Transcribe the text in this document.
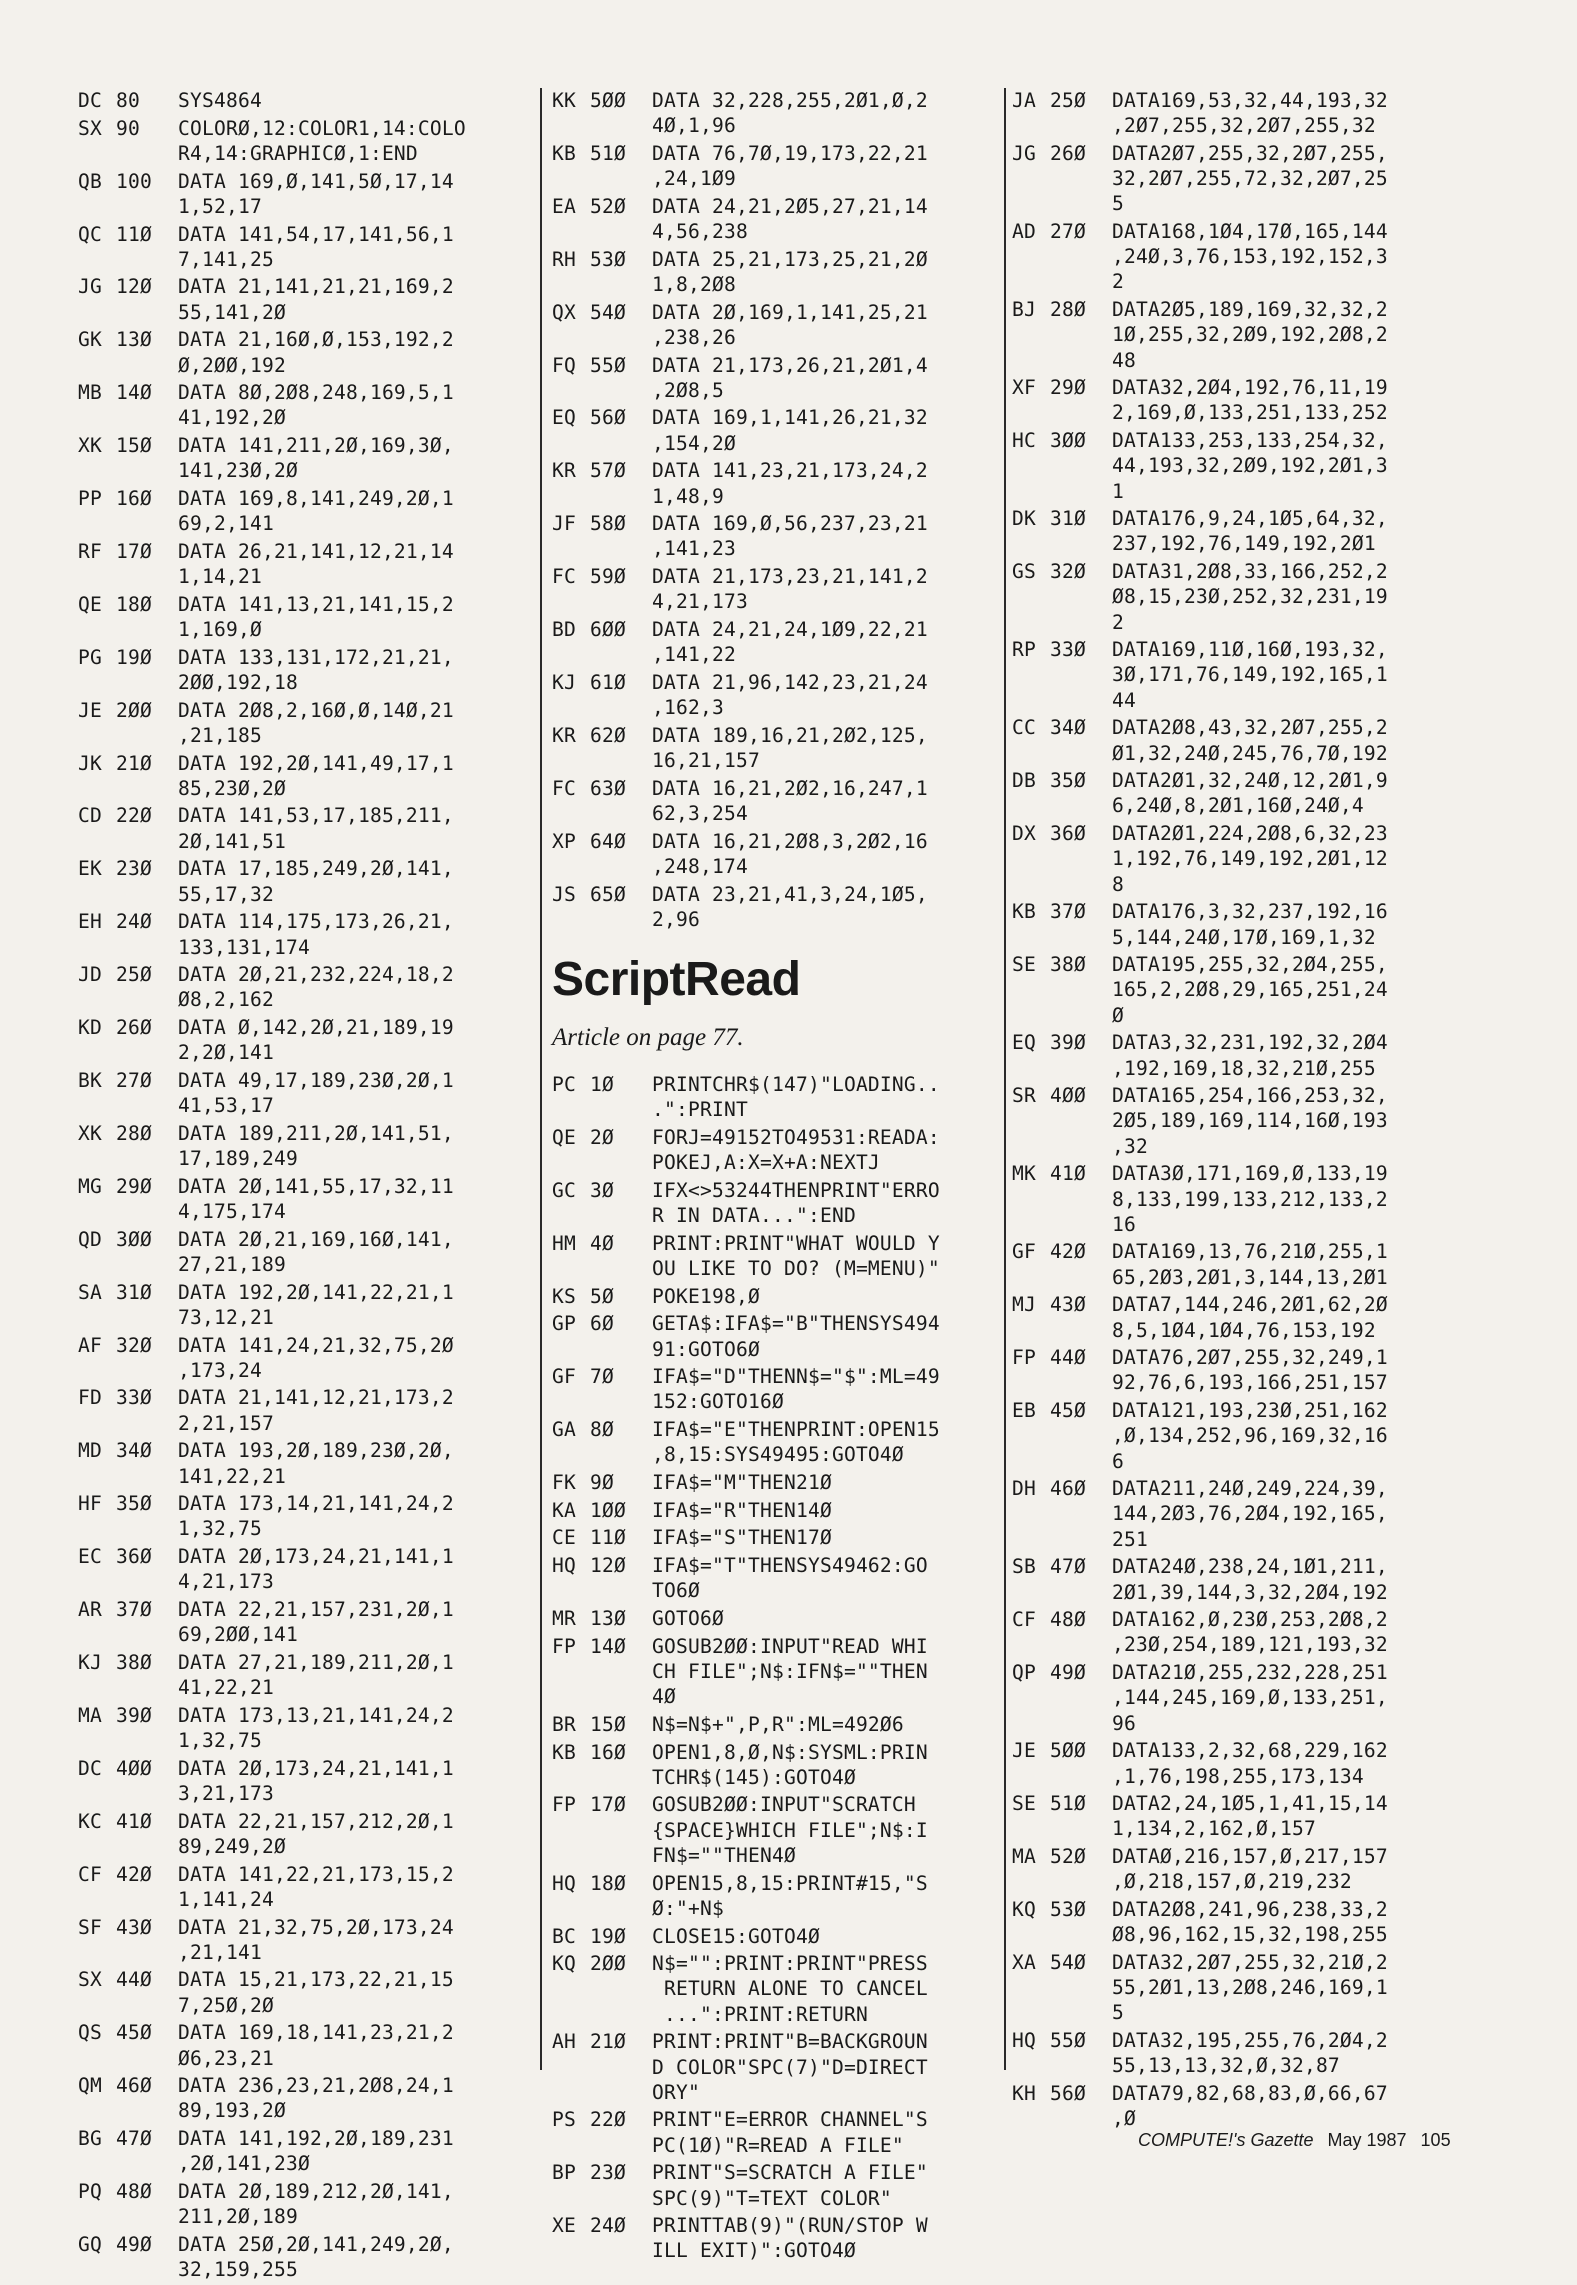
DC 80	SYS4864
SX 90	COLORØ,12:COLOR1,14:COLO
R4,14:GRAPHICØ,1:END
QB 100	DATA 169,Ø,141,5Ø,17,14
1,52,17
QC 11Ø	DATA 141,54,17,141,56,1
7,141,25
JG 12Ø	DATA 21,141,21,21,169,2
55,141,2Ø
GK 13Ø	DATA 21,16Ø,Ø,153,192,2
Ø,2ØØ,192
MB 14Ø	DATA 8Ø,2Ø8,248,169,5,1
41,192,2Ø
XK 15Ø	DATA 141,211,2Ø,169,3Ø,
141,23Ø,2Ø
PP 16Ø	DATA 169,8,141,249,2Ø,1
69,2,141
RF 17Ø	DATA 26,21,141,12,21,14
1,14,21
QE 18Ø	DATA 141,13,21,141,15,2
1,169,Ø
PG 19Ø	DATA 133,131,172,21,21,
2ØØ,192,18
JE 2ØØ	DATA 2Ø8,2,16Ø,Ø,14Ø,21
,21,185
JK 21Ø	DATA 192,2Ø,141,49,17,1
85,23Ø,2Ø
CD 22Ø	DATA 141,53,17,185,211,
2Ø,141,51
EK 23Ø	DATA 17,185,249,2Ø,141,
55,17,32
EH 24Ø	DATA 114,175,173,26,21,
133,131,174
JD 25Ø	DATA 2Ø,21,232,224,18,2
Ø8,2,162
KD 26Ø	DATA Ø,142,2Ø,21,189,19
2,2Ø,141
BK 27Ø	DATA 49,17,189,23Ø,2Ø,1
41,53,17
XK 28Ø	DATA 189,211,2Ø,141,51,
17,189,249
MG 29Ø	DATA 2Ø,141,55,17,32,11
4,175,174
QD 3ØØ	DATA 2Ø,21,169,16Ø,141,
27,21,189
SA 31Ø	DATA 192,2Ø,141,22,21,1
73,12,21
AF 32Ø	DATA 141,24,21,32,75,2Ø
,173,24
FD 33Ø	DATA 21,141,12,21,173,2
2,21,157
MD 34Ø	DATA 193,2Ø,189,23Ø,2Ø,
141,22,21
HF 35Ø	DATA 173,14,21,141,24,2
1,32,75
EC 36Ø	DATA 2Ø,173,24,21,141,1
4,21,173
AR 37Ø	DATA 22,21,157,231,2Ø,1
69,2ØØ,141
KJ 38Ø	DATA 27,21,189,211,2Ø,1
41,22,21
MA 39Ø	DATA 173,13,21,141,24,2
1,32,75
DC 4ØØ	DATA 2Ø,173,24,21,141,1
3,21,173
KC 41Ø	DATA 22,21,157,212,2Ø,1
89,249,2Ø
CF 42Ø	DATA 141,22,21,173,15,2
1,141,24
SF 43Ø	DATA 21,32,75,2Ø,173,24
,21,141
SX 44Ø	DATA 15,21,173,22,21,15
7,25Ø,2Ø
QS 45Ø	DATA 169,18,141,23,21,2
Ø6,23,21
QM 46Ø	DATA 236,23,21,2Ø8,24,1
89,193,2Ø
BG 47Ø	DATA 141,192,2Ø,189,231
,2Ø,141,23Ø
PQ 48Ø	DATA 2Ø,189,212,2Ø,141,
211,2Ø,189
GQ 49Ø	DATA 25Ø,2Ø,141,249,2Ø,
32,159,255
KK 5ØØ	DATA 32,228,255,2Ø1,Ø,2
4Ø,1,96
KB 51Ø	DATA 76,7Ø,19,173,22,21
,24,1Ø9
EA 52Ø	DATA 24,21,2Ø5,27,21,14
4,56,238
RH 53Ø	DATA 25,21,173,25,21,2Ø
1,8,2Ø8
QX 54Ø	DATA 2Ø,169,1,141,25,21
,238,26
FQ 55Ø	DATA 21,173,26,21,2Ø1,4
,2Ø8,5
EQ 56Ø	DATA 169,1,141,26,21,32
,154,2Ø
KR 57Ø	DATA 141,23,21,173,24,2
1,48,9
JF 58Ø	DATA 169,Ø,56,237,23,21
,141,23
FC 59Ø	DATA 21,173,23,21,141,2
4,21,173
BD 6ØØ	DATA 24,21,24,1Ø9,22,21
,141,22
KJ 61Ø	DATA 21,96,142,23,21,24
,162,3
KR 62Ø	DATA 189,16,21,2Ø2,125,
16,21,157
FC 63Ø	DATA 16,21,2Ø2,16,247,1
62,3,254
XP 64Ø	DATA 16,21,2Ø8,3,2Ø2,16
,248,174
JS 65Ø	DATA 23,21,41,3,24,1Ø5,
2,96
ScriptRead
Article on page 77.
PC 1Ø	PRINTCHR$(147)"LOADING..
.":PRINT
QE 2Ø	FORJ=49152TO49531:READA:
POKEJ,A:X=X+A:NEXTJ
GC 3Ø	IFX<>53244THENPRINT"ERRO
R IN DATA...":END
HM 4Ø	PRINT:PRINT"WHAT WOULD Y
OU LIKE TO DO? (M=MENU)"
KS 5Ø	POKE198,Ø
GP 6Ø	GETA$:IFA$="B"THENSYS494
91:GOTO6Ø
GF 7Ø	IFA$="D"THENN$="$":ML=49
152:GOTO16Ø
GA 8Ø	IFA$="E"THENPRINT:OPEN15
,8,15:SYS49495:GOTO4Ø
FK 9Ø	IFA$="M"THEN21Ø
KA 1ØØ	IFA$="R"THEN14Ø
CE 11Ø	IFA$="S"THEN17Ø
HQ 12Ø	IFA$="T"THENSYS49462:GO
TO6Ø
MR 13Ø	GOTO6Ø
FP 14Ø	GOSUB2ØØ:INPUT"READ WHI
CH FILE";N$:IFN$=""THEN
4Ø
BR 15Ø	N$=N$+",P,R":ML=492Ø6
KB 16Ø	OPEN1,8,Ø,N$:SYSML:PRIN
TCHR$(145):GOTO4Ø
FP 17Ø	GOSUB2ØØ:INPUT"SCRATCH
{SPACE}WHICH FILE";N$:I
FN$=""THEN4Ø
HQ 18Ø	OPEN15,8,15:PRINT#15,"S
Ø:"+N$
BC 19Ø	CLOSE15:GOTO4Ø
KQ 2ØØ	N$="":PRINT:PRINT"PRESS
RETURN ALONE TO CANCEL
...":PRINT:RETURN
AH 21Ø	PRINT:PRINT"B=BACKGROUN
D COLOR"SPC(7)"D=DIRECT
ORY"
PS 22Ø	PRINT"E=ERROR CHANNEL"S
PC(1Ø)"R=READ A FILE"
BP 23Ø	PRINT"S=SCRATCH A FILE"
SPC(9)"T=TEXT COLOR"
XE 24Ø	PRINTTAB(9)"(RUN/STOP W
ILL EXIT)":GOTO4Ø
JA 25Ø	DATA169,53,32,44,193,32
,2Ø7,255,32,2Ø7,255,32
JG 26Ø	DATA2Ø7,255,32,2Ø7,255,
32,2Ø7,255,72,32,2Ø7,25
5
AD 27Ø	DATA168,1Ø4,17Ø,165,144
,24Ø,3,76,153,192,152,3
2
BJ 28Ø	DATA2Ø5,189,169,32,32,2
1Ø,255,32,2Ø9,192,2Ø8,2
48
XF 29Ø	DATA32,2Ø4,192,76,11,19
2,169,Ø,133,251,133,252
HC 3ØØ	DATA133,253,133,254,32,
44,193,32,2Ø9,192,2Ø1,3
1
DK 31Ø	DATA176,9,24,1Ø5,64,32,
237,192,76,149,192,2Ø1
GS 32Ø	DATA31,2Ø8,33,166,252,2
Ø8,15,23Ø,252,32,231,19
2
RP 33Ø	DATA169,11Ø,16Ø,193,32,
3Ø,171,76,149,192,165,1
44
CC 34Ø	DATA2Ø8,43,32,2Ø7,255,2
Ø1,32,24Ø,245,76,7Ø,192
DB 35Ø	DATA2Ø1,32,24Ø,12,2Ø1,9
6,24Ø,8,2Ø1,16Ø,24Ø,4
DX 36Ø	DATA2Ø1,224,2Ø8,6,32,23
1,192,76,149,192,2Ø1,12
8
KB 37Ø	DATA176,3,32,237,192,16
5,144,24Ø,17Ø,169,1,32
SE 38Ø	DATA195,255,32,2Ø4,255,
165,2,2Ø8,29,165,251,24
Ø
EQ 39Ø	DATA3,32,231,192,32,2Ø4
,192,169,18,32,21Ø,255
SR 4ØØ	DATA165,254,166,253,32,
2Ø5,189,169,114,16Ø,193
,32
MK 41Ø	DATA3Ø,171,169,Ø,133,19
8,133,199,133,212,133,2
16
GF 42Ø	DATA169,13,76,21Ø,255,1
65,2Ø3,2Ø1,3,144,13,2Ø1
MJ 43Ø	DATA7,144,246,2Ø1,62,2Ø
8,5,1Ø4,1Ø4,76,153,192
FP 44Ø	DATA76,2Ø7,255,32,249,1
92,76,6,193,166,251,157
EB 45Ø	DATA121,193,23Ø,251,162
,Ø,134,252,96,169,32,16
6
DH 46Ø	DATA211,24Ø,249,224,39,
144,2Ø3,76,2Ø4,192,165,
251
SB 47Ø	DATA24Ø,238,24,1Ø1,211,
2Ø1,39,144,3,32,2Ø4,192
CF 48Ø	DATA162,Ø,23Ø,253,2Ø8,2
,23Ø,254,189,121,193,32
QP 49Ø	DATA21Ø,255,232,228,251
,144,245,169,Ø,133,251,
96
JE 5ØØ	DATA133,2,32,68,229,162
,1,76,198,255,173,134
SE 51Ø	DATA2,24,1Ø5,1,41,15,14
1,134,2,162,Ø,157
MA 52Ø	DATAØ,216,157,Ø,217,157
,Ø,218,157,Ø,219,232
KQ 53Ø	DATA2Ø8,241,96,238,33,2
Ø8,96,162,15,32,198,255
XA 54Ø	DATA32,2Ø7,255,32,21Ø,2
55,2Ø1,13,2Ø8,246,169,1
5
HQ 55Ø	DATA32,195,255,76,2Ø4,2
55,13,13,32,Ø,32,87
KH 56Ø	DATA79,82,68,83,Ø,66,67
,Ø
COMPUTE!'s Gazette May 1987 105
